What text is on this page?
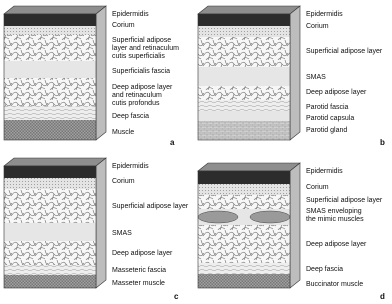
Epidermidis
Corium
Superficial adipose
layer and retinaculum
cutis superficialis
Superficialis fascia
Deep adipose layer
and retinaculum
cutis profondus
Deep fascia
Muscle
a
Epidermidis
Corium
Superficial adipose layer
SMAS
Deep adipose layer
Parotid fascia
Parotid capsula
Parotid gland
b
Epidermidis
Corium
Superficial adipose layer
SMAS
Deep adipose layer
Masseteric fascia
Masseter muscle
c
Epidermidis
Corium
Superficial adipose layer
SMAS enveloping
the mimic muscles
Deep adipose layer
Deep fascia
Buccinator muscle
d
